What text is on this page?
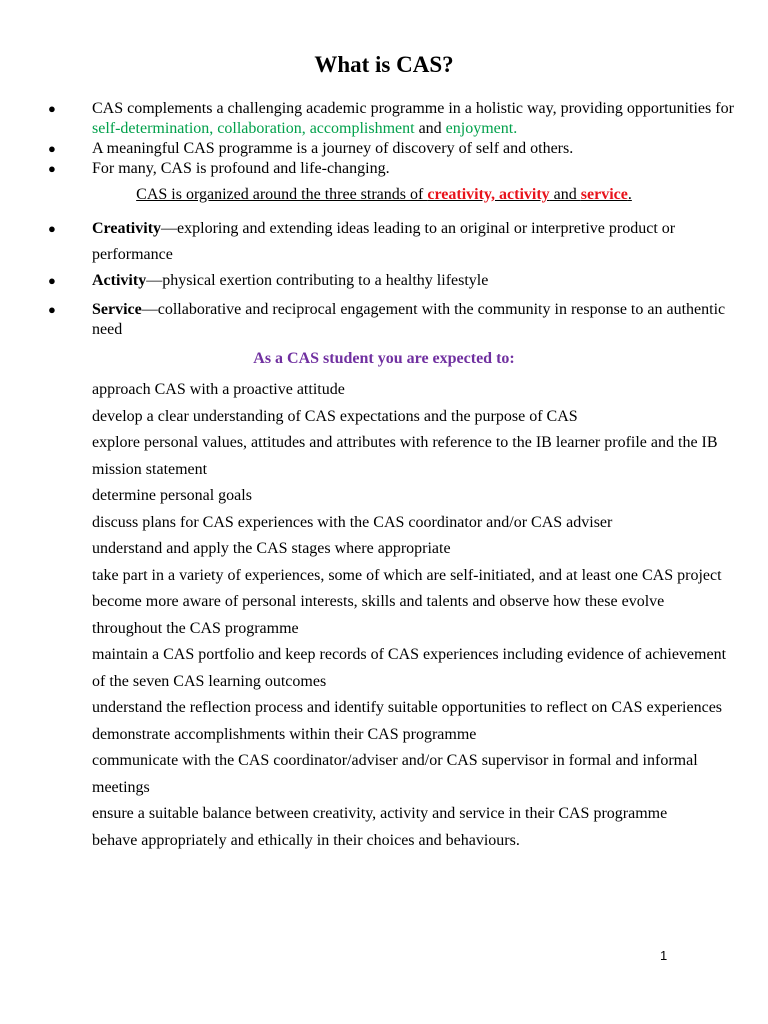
What is CAS?
●	CAS complements a challenging academic programme in a holistic way, providing opportunities for self-determination, collaboration, accomplishment and enjoyment.
●	A meaningful CAS programme is a journey of discovery of self and others.
●	For many, CAS is profound and life-changing.
CAS is organized around the three strands of creativity, activity and service.
●	Creativity—exploring and extending ideas leading to an original or interpretive product or performance
●	Activity—physical exertion contributing to a healthy lifestyle
●	Service—collaborative and reciprocal engagement with the community in response to an authentic need
As a CAS student you are expected to:

approach CAS with a proactive attitude

develop a clear understanding of CAS expectations and the purpose of CAS

explore personal values, attitudes and attributes with reference to the IB learner profile and the IB mission statement

determine personal goals

discuss plans for CAS experiences with the CAS coordinator and/or CAS adviser

understand and apply the CAS stages where appropriate

take part in a variety of experiences, some of which are self-initiated, and at least one CAS project

become more aware of personal interests, skills and talents and observe how these evolve throughout the CAS programme

maintain a CAS portfolio and keep records of CAS experiences including evidence of achievement of the seven CAS learning outcomes

understand the reflection process and identify suitable opportunities to reflect on CAS experiences

demonstrate accomplishments within their CAS programme

communicate with the CAS coordinator/adviser and/or CAS supervisor in formal and informal meetings

ensure a suitable balance between creativity, activity and service in their CAS programme

behave appropriately and ethically in their choices and behaviours.

1
